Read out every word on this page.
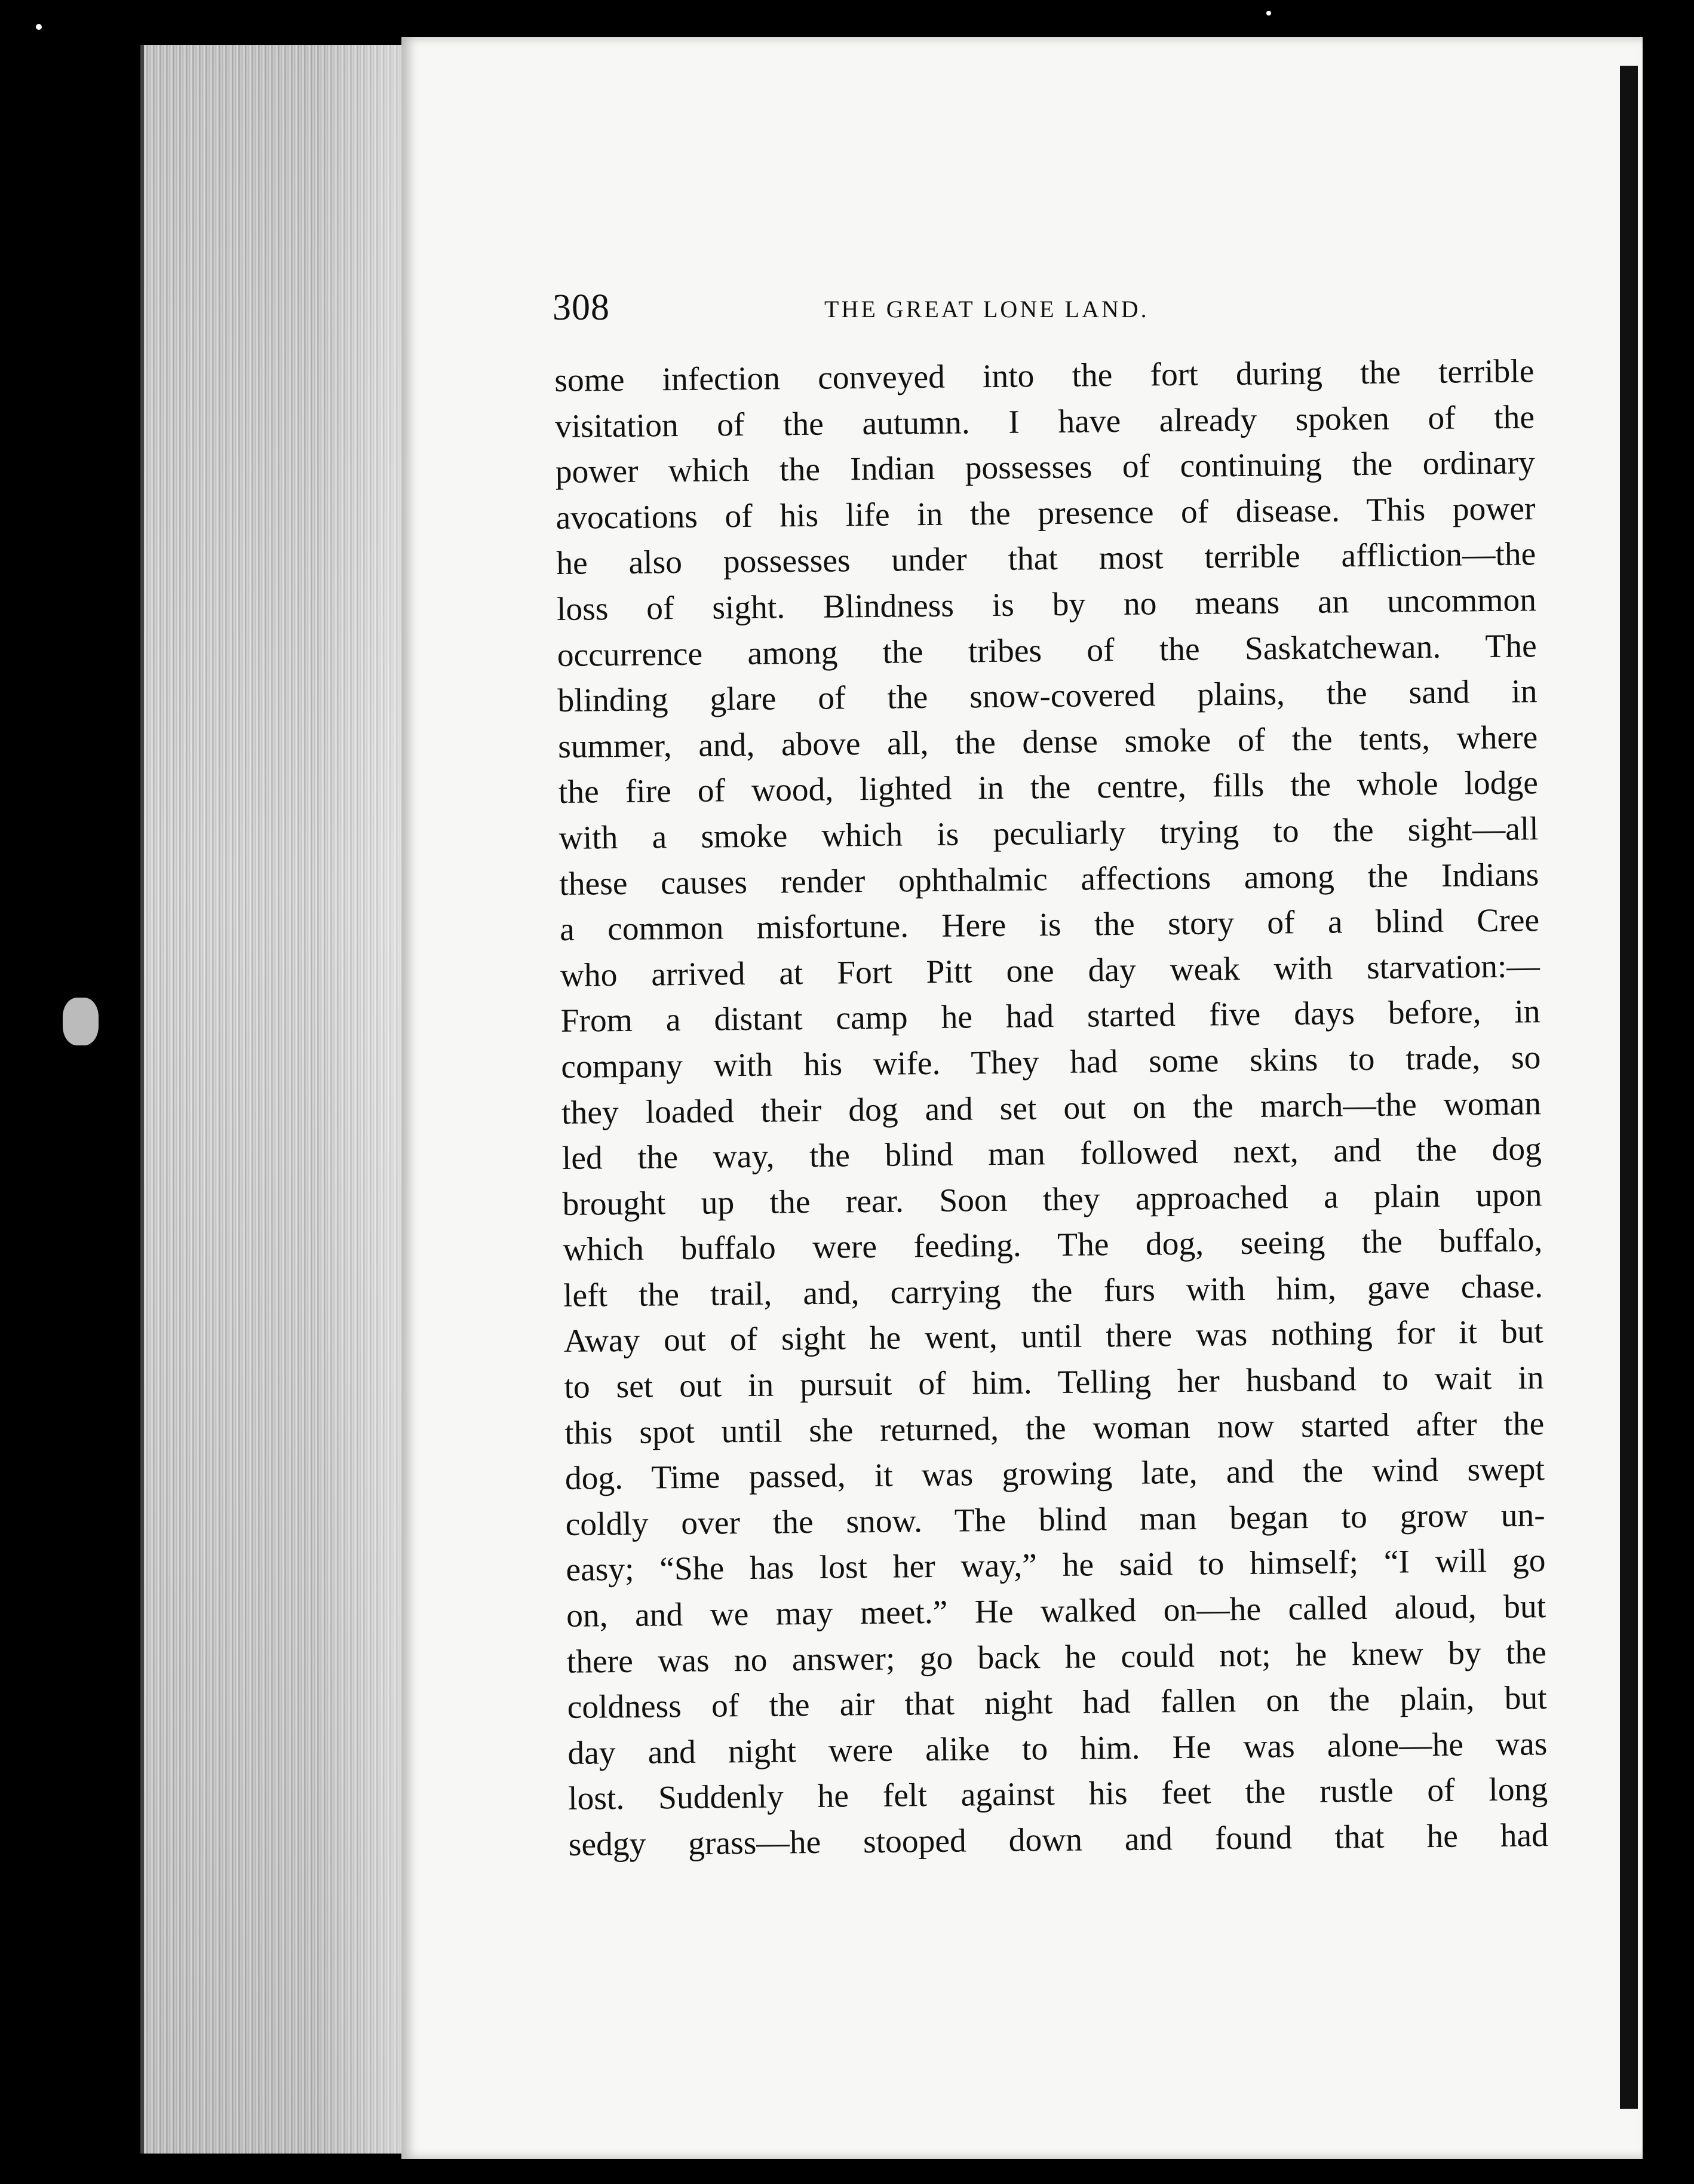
308	THE GREAT LONE LAND.
some infection conveyed into the fort during the terrible
visitation of the autumn. I have already spoken of the
power which the Indian possesses of continuing the ordinary
avocations of his life in the presence of disease. This power
he also possesses under that most terrible affliction—the
loss of sight. Blindness is by no means an uncommon
occurrence among the tribes of the Saskatchewan. The
blinding glare of the snow-covered plains, the sand in
summer, and, above all, the dense smoke of the tents, where
the fire of wood, lighted in the centre, fills the whole lodge
with a smoke which is peculiarly trying to the sight—all
these causes render ophthalmic affections among the Indians
a common misfortune. Here is the story of a blind Cree
who arrived at Fort Pitt one day weak with starvation:—
From a distant camp he had started five days before, in
company with his wife. They had some skins to trade, so
they loaded their dog and set out on the march—the woman
led the way, the blind man followed next, and the dog
brought up the rear. Soon they approached a plain upon
which buffalo were feeding. The dog, seeing the buffalo,
left the trail, and, carrying the furs with him, gave chase.
Away out of sight he went, until there was nothing for it but
to set out in pursuit of him. Telling her husband to wait in
this spot until she returned, the woman now started after the
dog. Time passed, it was growing late, and the wind swept
coldly over the snow. The blind man began to grow un-
easy; “She has lost her way,” he said to himself; “I will go
on, and we may meet.” He walked on—he called aloud, but
there was no answer; go back he could not; he knew by the
coldness of the air that night had fallen on the plain, but
day and night were alike to him. He was alone—he was
lost. Suddenly he felt against his feet the rustle of long
sedgy grass—he stooped down and found that he had
